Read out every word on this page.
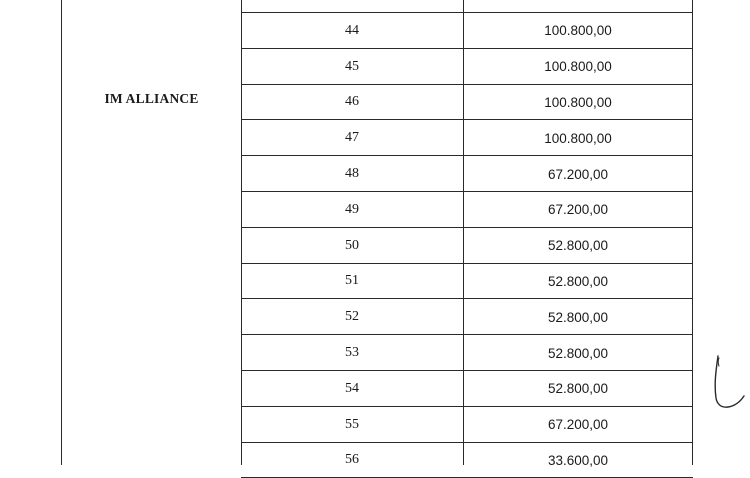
IM ALLIANCE
44	100.800,00
45	100.800,00
46	100.800,00
47	100.800,00
48	67.200,00
49	67.200,00
50	52.800,00
51	52.800,00
52	52.800,00
53	52.800,00
54	52.800,00
55	67.200,00
56	33.600,00
